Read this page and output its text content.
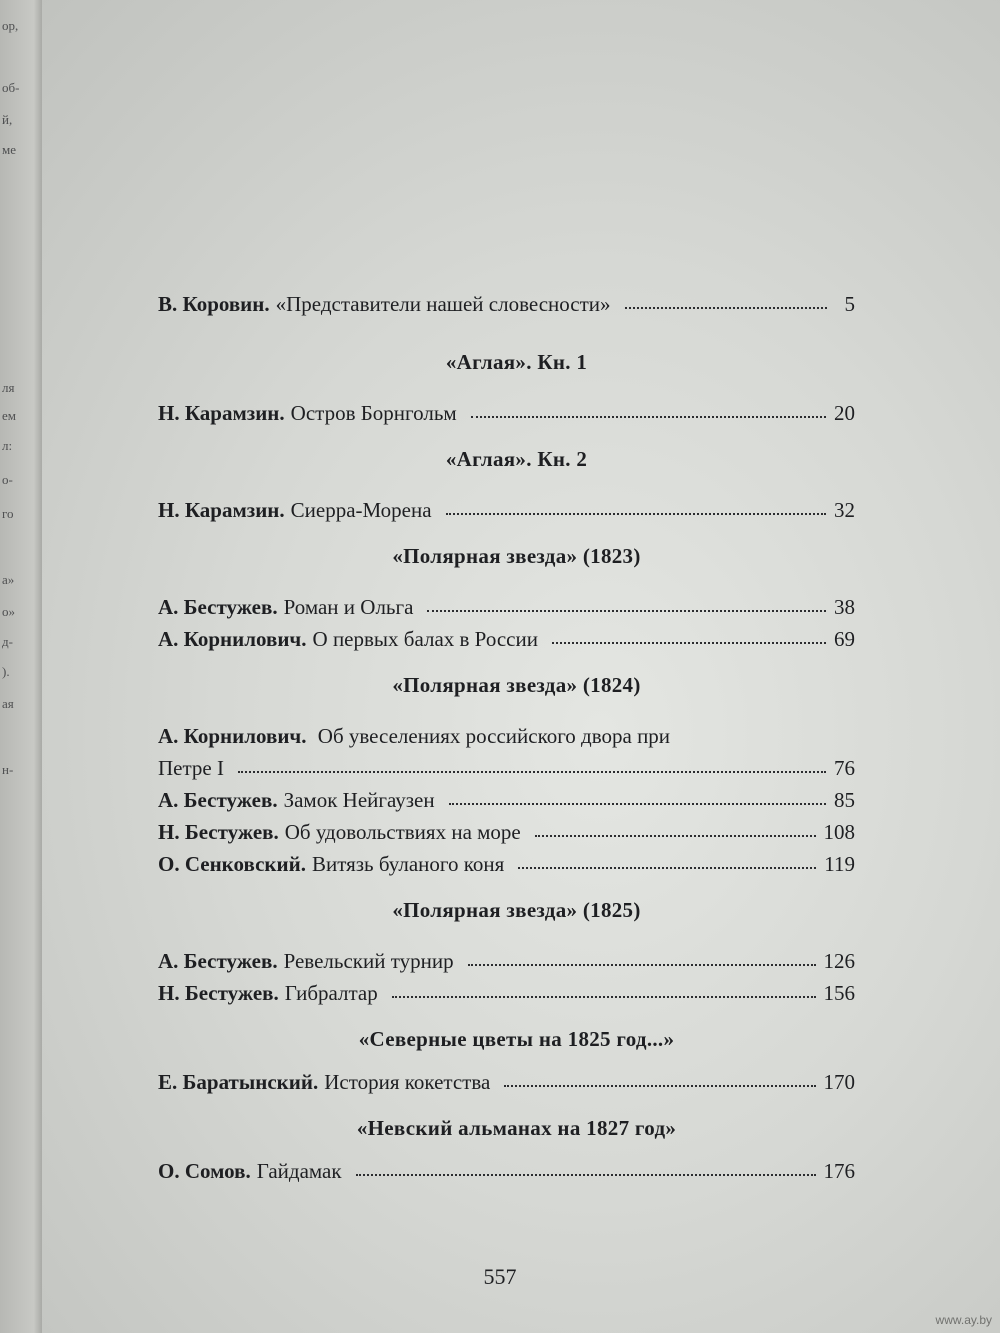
ор,
об-
й,
ме
ля
ем
л:
о-
го
а»
о»
д-
).
ая
н-
В. Коровин. «Представители нашей словесности»	5
«Аглая». Кн. 1
Н. Карамзин. Остров Борнгольм	20
«Аглая». Кн. 2
Н. Карамзин. Сиерра-Морена	32
«Полярная звезда» (1823)
А. Бестужев. Роман и Ольга	38
А. Корнилович. О первых балах в России	69
«Полярная звезда» (1824)
А. Корнилович. Об увеселениях российского двора при
Петре I	76
А. Бестужев. Замок Нейгаузен	85
Н. Бестужев. Об удовольствиях на море	108
О. Сенковский. Витязь буланого коня	119
«Полярная звезда» (1825)
А. Бестужев. Ревельский турнир	126
Н. Бестужев. Гибралтар	156
«Северные цветы на 1825 год...»
Е. Баратынский. История кокетства	170
«Невский альманах на 1827 год»
О. Сомов. Гайдамак	176
557
www.ay.by
